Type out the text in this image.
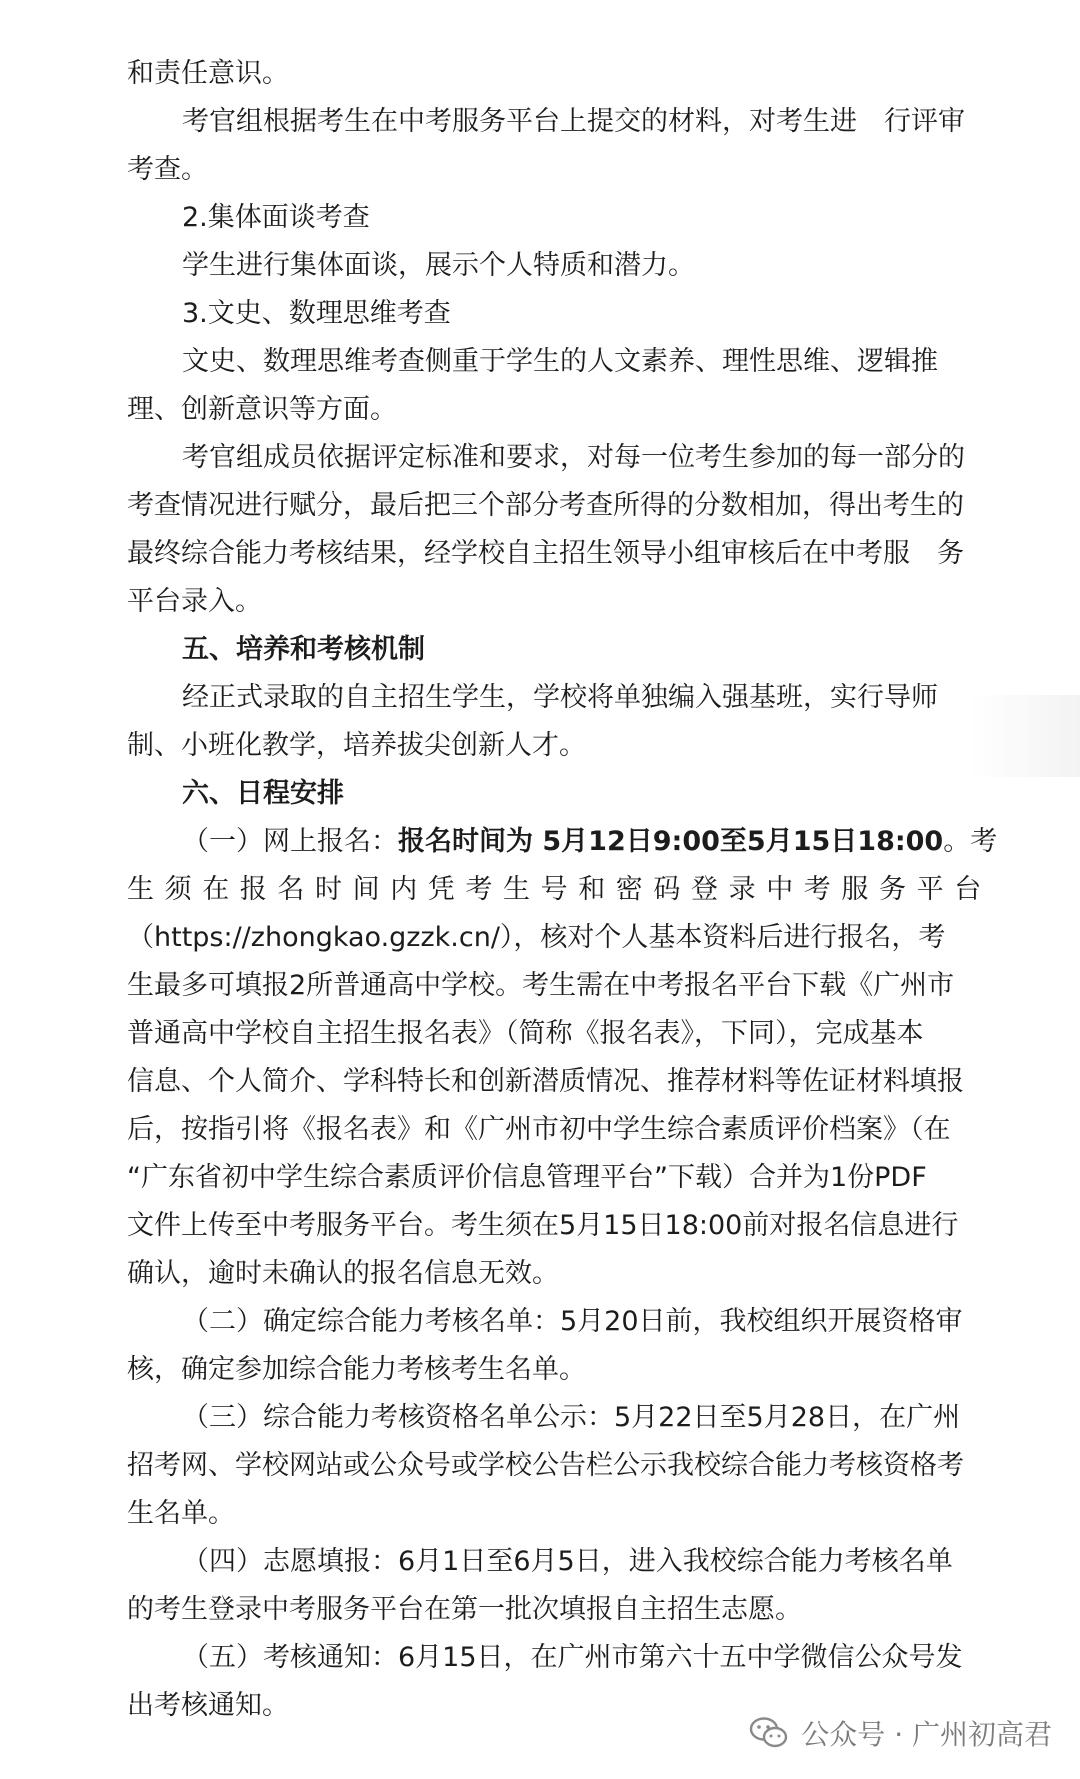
和责任意识。
考官组根据考生在中考服务平台上提交的材料，对考生进　行评审
考查。
2.集体面谈考查
学生进行集体面谈，展示个人特质和潜力。
3.文史、数理思维考查
文史、数理思维考查侧重于学生的人文素养、理性思维、逻辑推
理、创新意识等方面。
考官组成员依据评定标准和要求，对每一位考生参加的每一部分的
考查情况进行赋分，最后把三个部分考查所得的分数相加，得出考生的
最终综合能力考核结果，经学校自主招生领导小组审核后在中考服　务
平台录入。
五、培养和考核机制
经正式录取的自主招生学生，学校将单独编入强基班，实行导师
制、小班化教学，培养拔尖创新人才。
六、日程安排
（一）网上报名：报名时间为 5月12日9:00至5月15日18:00。考
生须在报名时间内凭考生号和密码登录中考服务平台
（https://zhongkao.gzzk.cn/），核对个人基本资料后进行报名，考
生最多可填报2所普通高中学校。考生需在中考报名平台下载《广州市
普通高中学校自主招生报名表》（简称《报名表》，下同），完成基本
信息、个人简介、学科特长和创新潜质情况、推荐材料等佐证材料填报
后，按指引将《报名表》和《广州市初中学生综合素质评价档案》（在
“广东省初中学生综合素质评价信息管理平台”下载）合并为1份PDF
文件上传至中考服务平台。考生须在5月15日18:00前对报名信息进行
确认，逾时未确认的报名信息无效。
（二）确定综合能力考核名单：5月20日前，我校组织开展资格审
核，确定参加综合能力考核考生名单。
（三）综合能力考核资格名单公示：5月22日至5月28日，在广州
招考网、学校网站或公众号或学校公告栏公示我校综合能力考核资格考
生名单。
（四）志愿填报：6月1日至6月5日，进入我校综合能力考核名单
的考生登录中考服务平台在第一批次填报自主招生志愿。
（五）考核通知：6月15日，在广州市第六十五中学微信公众号发
出考核通知。
公众号 · 广州初高君
